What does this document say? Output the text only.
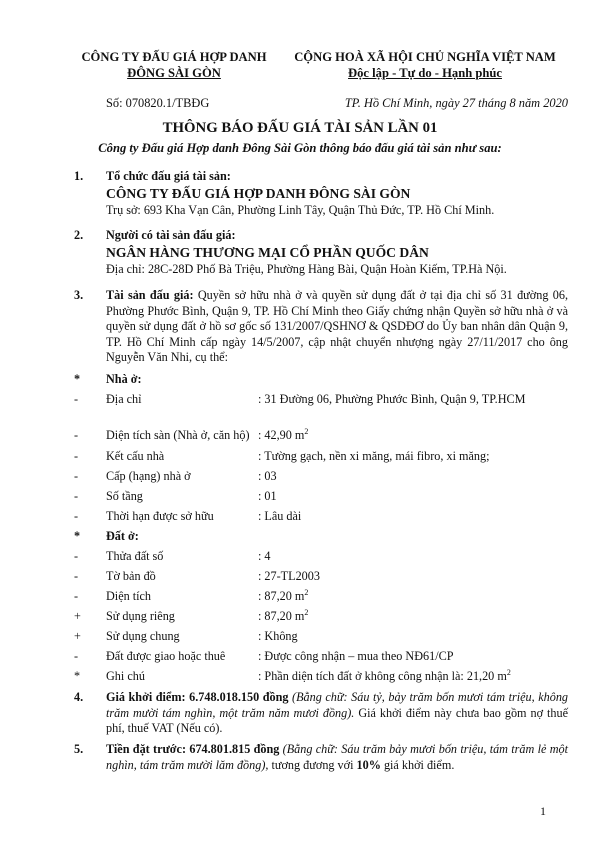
CÔNG TY ĐẤU GIÁ HỢP DANH
ĐÔNG SÀI GÒN
CỘNG HOÀ XÃ HỘI CHỦ NGHĨA VIỆT NAM
Độc lập - Tự do - Hạnh phúc
Số: 070820.1/TBĐG	TP. Hồ Chí Minh, ngày 27 tháng 8 năm 2020
THÔNG BÁO ĐẤU GIÁ TÀI SẢN LẦN 01
Công ty Đấu giá Hợp danh Đông Sài Gòn thông báo đấu giá tài sản như sau:
1. Tổ chức đấu giá tài sản:
CÔNG TY ĐẤU GIÁ HỢP DANH ĐÔNG SÀI GÒN
Trụ sở: 693 Kha Vạn Cân, Phường Linh Tây, Quận Thủ Đức, TP. Hồ Chí Minh.
2. Người có tài sản đấu giá:
NGÂN HÀNG THƯƠNG MẠI CỔ PHẦN QUỐC DÂN
Địa chỉ: 28C-28D Phố Bà Triệu, Phường Hàng Bài, Quận Hoàn Kiếm, TP.Hà Nội.
3. Tài sản đấu giá: Quyền sở hữu nhà ở và quyền sử dụng đất ở tại địa chỉ số 31 đường 06, Phường Phước Bình, Quận 9, TP. Hồ Chí Minh theo Giấy chứng nhận Quyền sở hữu nhà ở và quyền sử dụng đất ở hồ sơ gốc số 131/2007/QSHNƠ & QSDĐƠ do Ủy ban nhân dân Quận 9, TP. Hồ Chí Minh cấp ngày 14/5/2007, cập nhật chuyển nhượng ngày 27/11/2017 cho ông Nguyễn Văn Nhi, cụ thể:
* Nhà ở:
- Địa chỉ	: 31 Đường 06, Phường Phước Bình, Quận 9, TP.HCM
- Diện tích sàn (Nhà ở, căn hộ) : 42,90 $m^2$
- Kết cấu nhà	: Tường gạch, nền xi măng, mái fibro, xi măng;
- Cấp (hạng) nhà ở	: 03
- Số tầng	: 01
- Thời hạn được sở hữu	: Lâu dài
* Đất ở:
- Thửa đất số	: 4
- Tờ bản đồ	: 27-TL2003
- Diện tích	: 87,20 $m^2$
+ Sử dụng riêng	: 87,20 $m^2$
+ Sử dụng chung	: Không
- Đất được giao hoặc thuê	: Được công nhận – mua theo NĐ61/CP
* Ghi chú	: Phần diện tích đất ở không công nhận là: 21,20 $m^2$
4. Giá khởi điểm: 6.748.018.150 đồng (Bằng chữ: Sáu tỷ, bảy trăm bốn mươi tám triệu, không trăm mười tám nghìn, một trăm năm mươi đồng). Giá khởi điểm này chưa bao gồm nợ thuế phí, thuế VAT (Nếu có).
5. Tiền đặt trước: 674.801.815 đồng (Bằng chữ: Sáu trăm bảy mươi bốn triệu, tám trăm lẻ một nghìn, tám trăm mười lăm đồng), tương đương với 10% giá khởi điểm.
1
